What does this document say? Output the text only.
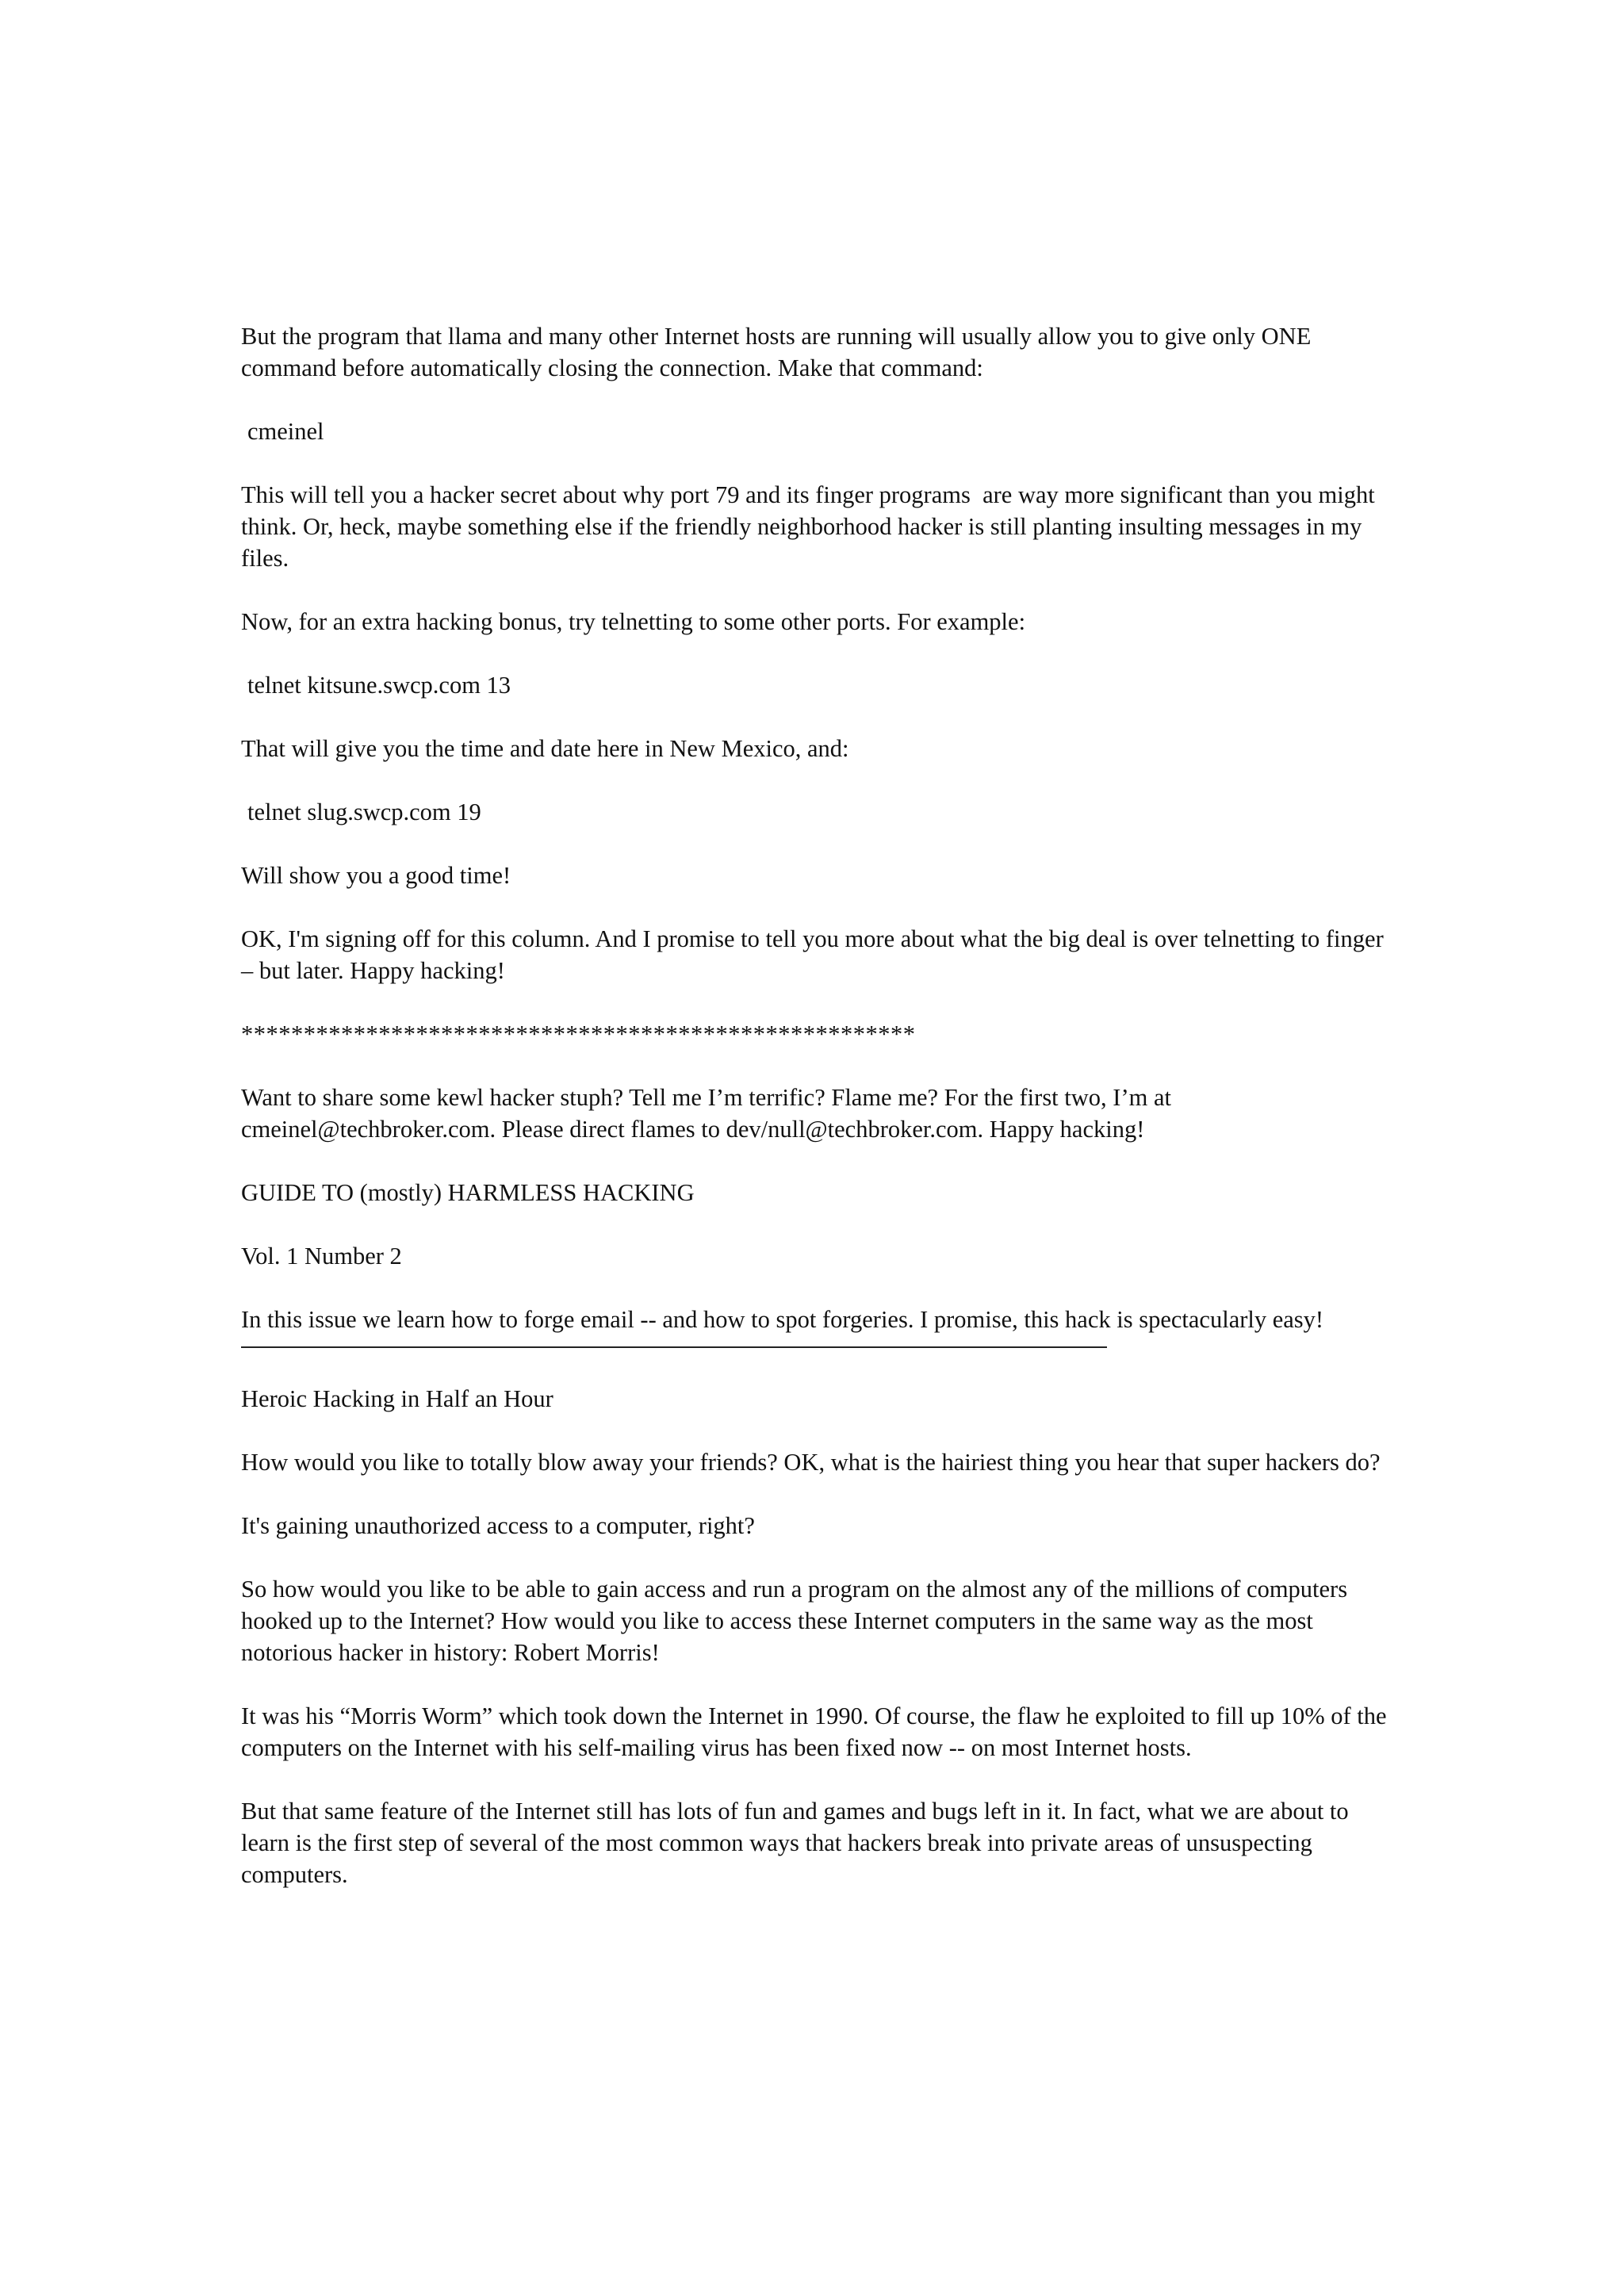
But the program that llama and many other Internet hosts are running will usually allow you to give only ONE command before automatically closing the connection. Make that command:

cmeinel

This will tell you a hacker secret about why port 79 and its finger programs  are way more significant than you might think. Or, heck, maybe something else if the friendly neighborhood hacker is still planting insulting messages in my files.

Now, for an extra hacking bonus, try telnetting to some other ports. For example:

telnet kitsune.swcp.com 13

That will give you the time and date here in New Mexico, and:

telnet slug.swcp.com 19

Will show you a good time!

OK, I'm signing off for this column. And I promise to tell you more about what the big deal is over telnetting to finger – but later. Happy hacking!

******************************************************

Want to share some kewl hacker stuph? Tell me I’m terrific? Flame me? For the first two, I’m at cmeinel@techbroker.com. Please direct flames to dev/null@techbroker.com. Happy hacking!

GUIDE TO (mostly) HARMLESS HACKING

Vol. 1 Number 2

In this issue we learn how to forge email -- and how to spot forgeries. I promise, this hack is spectacularly easy!

Heroic Hacking in Half an Hour

How would you like to totally blow away your friends? OK, what is the hairiest thing you hear that super hackers do?

It's gaining unauthorized access to a computer, right?

So how would you like to be able to gain access and run a program on the almost any of the millions of computers hooked up to the Internet? How would you like to access these Internet computers in the same way as the most notorious hacker in history: Robert Morris!

It was his “Morris Worm” which took down the Internet in 1990. Of course, the flaw he exploited to fill up 10% of the computers on the Internet with his self-mailing virus has been fixed now -- on most Internet hosts.

But that same feature of the Internet still has lots of fun and games and bugs left in it. In fact, what we are about to learn is the first step of several of the most common ways that hackers break into private areas of unsuspecting computers.
